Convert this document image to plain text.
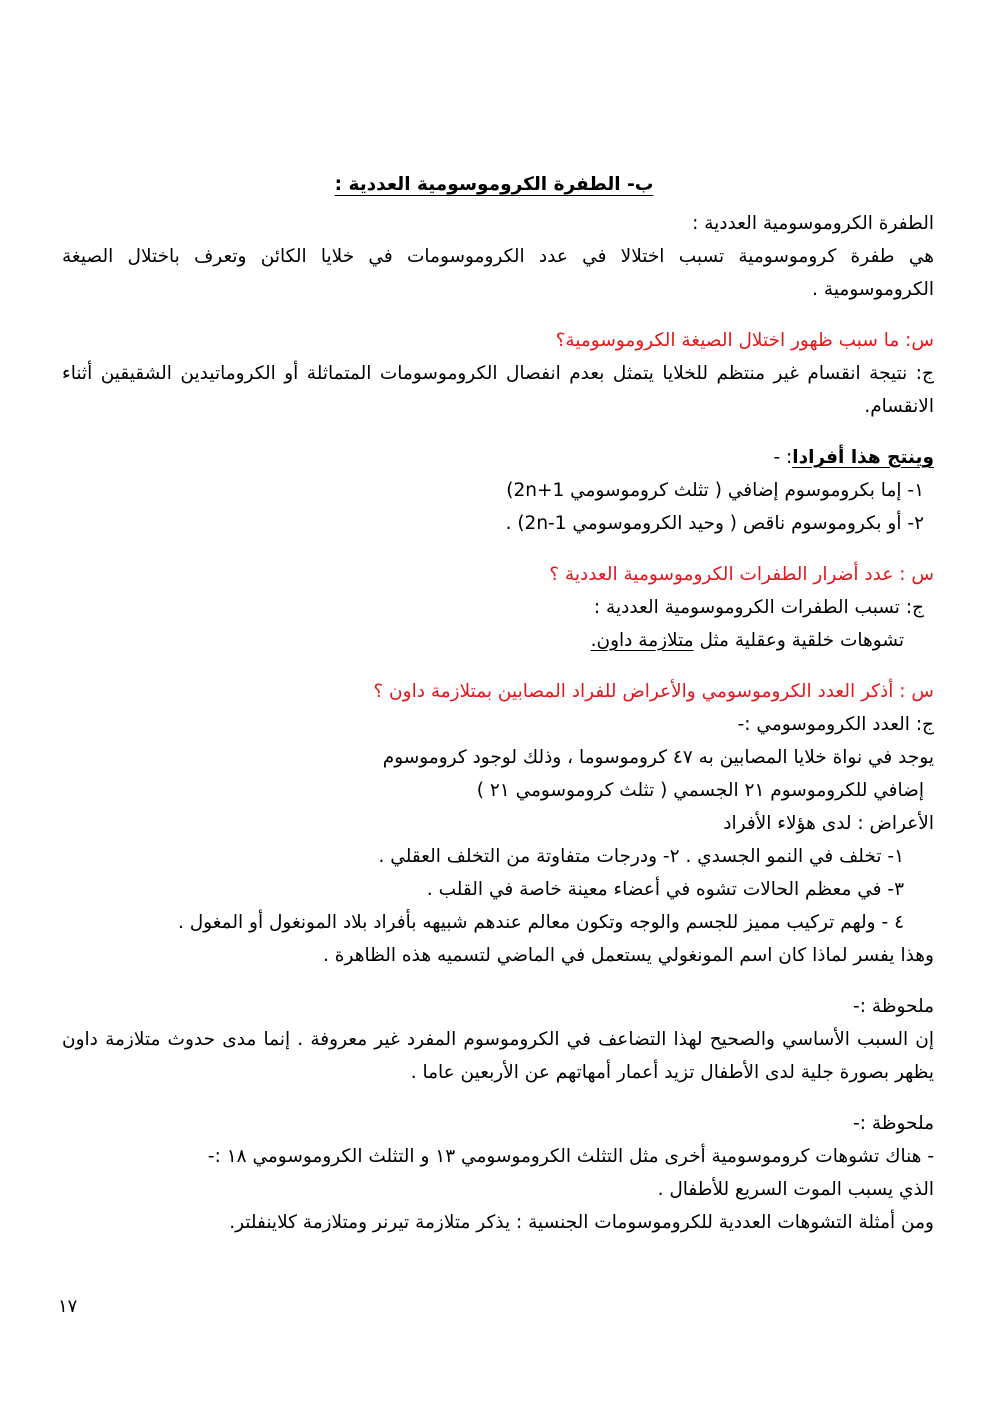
ب- الطفرة الكروموسومية العددية :
الطفرة الكروموسومية العددية :
هي طفرة كروموسومية تسبب اختلالا في عدد الكروموسومات في خلايا الكائن وتعرف باختلال الصيغة الكروموسومية .
س: ما سبب ظهور اختلال الصيغة الكروموسومية؟
ج: نتيجة انقسام غير منتظم للخلايا يتمثل بعدم انفصال الكروموسومات المتماثلة أو الكروماتيدين الشقيقين أثناء الانقسام.
وينتج هذا أفرادا: -
١- إما بكروموسوم إضافي ( تثلث كروموسومي 2n+1)
٢- أو بكروموسوم ناقص ( وحيد الكروموسومي 2n-1) .
س : عدد أضرار الطفرات الكروموسومية العددية ؟
ج: تسبب الطفرات الكروموسومية العددية :
تشوهات خلقية وعقلية مثل متلازمة داون.
س : أذكر العدد الكروموسومي والأعراض للفراد المصابين بمتلازمة داون ؟
ج: العدد الكروموسومي :-
يوجد في نواة خلايا المصابين به ٤٧ كروموسوما ، وذلك لوجود كروموسوم
إضافي للكروموسوم ٢١ الجسمي ( تثلث كروموسومي ٢١ )
الأعراض : لدى هؤلاء الأفراد
١- تخلف في النمو الجسدي . ٢- ودرجات متفاوتة من التخلف العقلي .
٣- في معظم الحالات تشوه في أعضاء معينة خاصة في القلب .
٤ - ولهم تركيب مميز للجسم والوجه وتكون معالم عندهم شبيهه بأفراد بلاد المونغول أو المغول .
وهذا يفسر لماذا كان اسم المونغولي يستعمل في الماضي لتسميه هذه الظاهرة .
ملحوظة :-
إن السبب الأساسي والصحيح لهذا التضاعف في الكروموسوم المفرد غير معروفة . إنما مدى حدوث متلازمة داون يظهر بصورة جلية لدى الأطفال تزيد أعمار أمهاتهم عن الأربعين عاما .
ملحوظة :-
- هناك تشوهات كروموسومية أخرى مثل التثلث الكروموسومي ١٣ و التثلث الكروموسومي ١٨ :-
الذي يسبب الموت السريع للأطفال .
ومن أمثلة التشوهات العددية للكروموسومات الجنسية : يذكر متلازمة تيرنر ومتلازمة كلاينفلتر.
١٧
